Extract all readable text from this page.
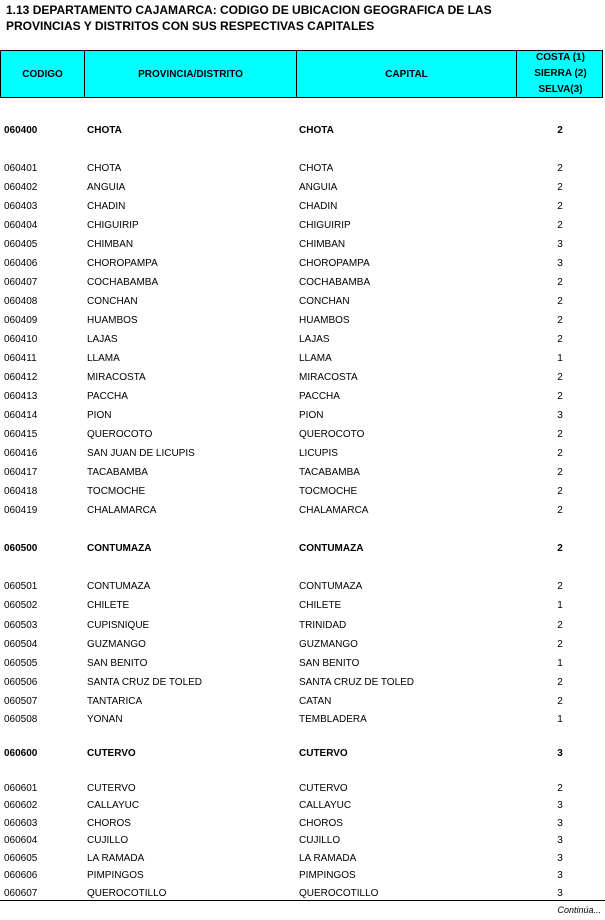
1.13 DEPARTAMENTO CAJAMARCA: CODIGO DE UBICACION GEOGRAFICA DE LAS
PROVINCIAS Y DISTRITOS CON SUS RESPECTIVAS CAPITALES
CODIGO	PROVINCIA/DISTRITO	CAPITAL
COSTA (1)
SIERRA (2)
SELVA(3)
060400	CHOTA	CHOTA	2
060401	CHOTA	CHOTA	2
060402	ANGUIA	ANGUIA	2
060403	CHADIN	CHADIN	2
060404	CHIGUIRIP	CHIGUIRIP	2
060405	CHIMBAN	CHIMBAN	3
060406	CHOROPAMPA	CHOROPAMPA	3
060407	COCHABAMBA	COCHABAMBA	2
060408	CONCHAN	CONCHAN	2
060409	HUAMBOS	HUAMBOS	2
060410	LAJAS	LAJAS	2
060411	LLAMA	LLAMA	1
060412	MIRACOSTA	MIRACOSTA	2
060413	PACCHA	PACCHA	2
060414	PION	PION	3
060415	QUEROCOTO	QUEROCOTO	2
060416	SAN JUAN DE LICUPIS	LICUPIS	2
060417	TACABAMBA	TACABAMBA	2
060418	TOCMOCHE	TOCMOCHE	2
060419	CHALAMARCA	CHALAMARCA	2
060500	CONTUMAZA	CONTUMAZA	2
060501	CONTUMAZA	CONTUMAZA	2
060502	CHILETE	CHILETE	1
060503	CUPISNIQUE	TRINIDAD	2
060504	GUZMANGO	GUZMANGO	2
060505	SAN BENITO	SAN BENITO	1
060506	SANTA CRUZ DE TOLED	SANTA CRUZ DE TOLED	2
060507	TANTARICA	CATAN	2
060508	YONAN	TEMBLADERA	1
060600	CUTERVO	CUTERVO	3
060601	CUTERVO	CUTERVO	2
060602	CALLAYUC	CALLAYUC	3
060603	CHOROS	CHOROS	3
060604	CUJILLO	CUJILLO	3
060605	LA RAMADA	LA RAMADA	3
060606	PIMPINGOS	PIMPINGOS	3
060607	QUEROCOTILLO	QUEROCOTILLO	3
Continúa...
